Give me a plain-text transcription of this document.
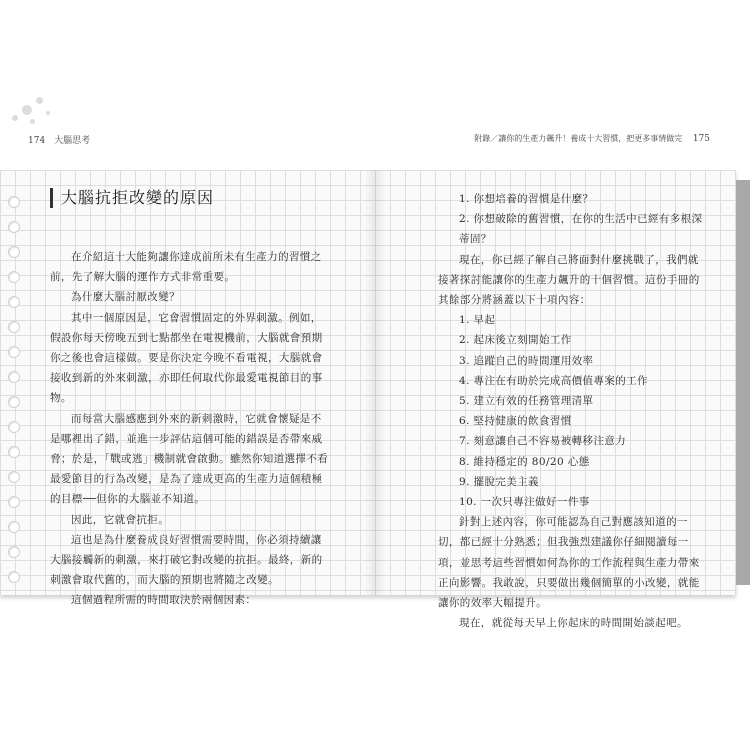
174 大腦思考	附錄／讓你的生產力飆升！養成十大習慣，把更多事情做完 175
大腦抗拒改變的原因

在介紹這十大能夠讓你達成前所未有生產力的習慣之前，先了解大腦的運作方式非常重要。

為什麼大腦討厭改變？

其中一個原因是，它會習慣固定的外界刺激。例如，假設你每天傍晚五到七點都坐在電視機前，大腦就會預期你之後也會這樣做。要是你決定今晚不看電視，大腦就會接收到新的外來刺激，亦即任何取代你最愛電視節目的事物。

而每當大腦感應到外來的新刺激時，它就會懷疑是不是哪裡出了錯，並進一步評估這個可能的錯誤是否帶來威脅；於是，「戰或逃」機制就會啟動。雖然你知道選擇不看最愛節目的行為改變，是為了達成更高的生產力這個積極的目標──但你的大腦並不知道。

因此，它就會抗拒。

這也是為什麼養成良好習慣需要時間，你必須持續讓大腦接觸新的刺激，來打破它對改變的抗拒。最終，新的刺激會取代舊的，而大腦的預期也將隨之改變。

這個過程所需的時間取決於兩個因素：

1. 你想培養的習慣是什麼？

2. 你想破除的舊習慣，在你的生活中已經有多根深蒂固？

現在，你已經了解自己將面對什麼挑戰了，我們就接著探討能讓你的生產力飆升的十個習慣。這份手冊的其餘部分將涵蓋以下十項內容：

1. 早起

2. 起床後立刻開始工作

3. 追蹤自己的時間運用效率

4. 專注在有助於完成高價值專案的工作

5. 建立有效的任務管理清單

6. 堅持健康的飲食習慣

7. 刻意讓自己不容易被轉移注意力

8. 維持穩定的 80/20 心態

9. 擺脫完美主義

10. 一次只專注做好一件事

針對上述內容，你可能認為自己對應該知道的一切，都已經十分熟悉；但我強烈建議你仔細閱讀每一項，並思考這些習慣如何為你的工作流程與生產力帶來正向影響。我敢說，只要做出幾個簡單的小改變，就能讓你的效率大幅提升。

現在，就從每天早上你起床的時間開始談起吧。
